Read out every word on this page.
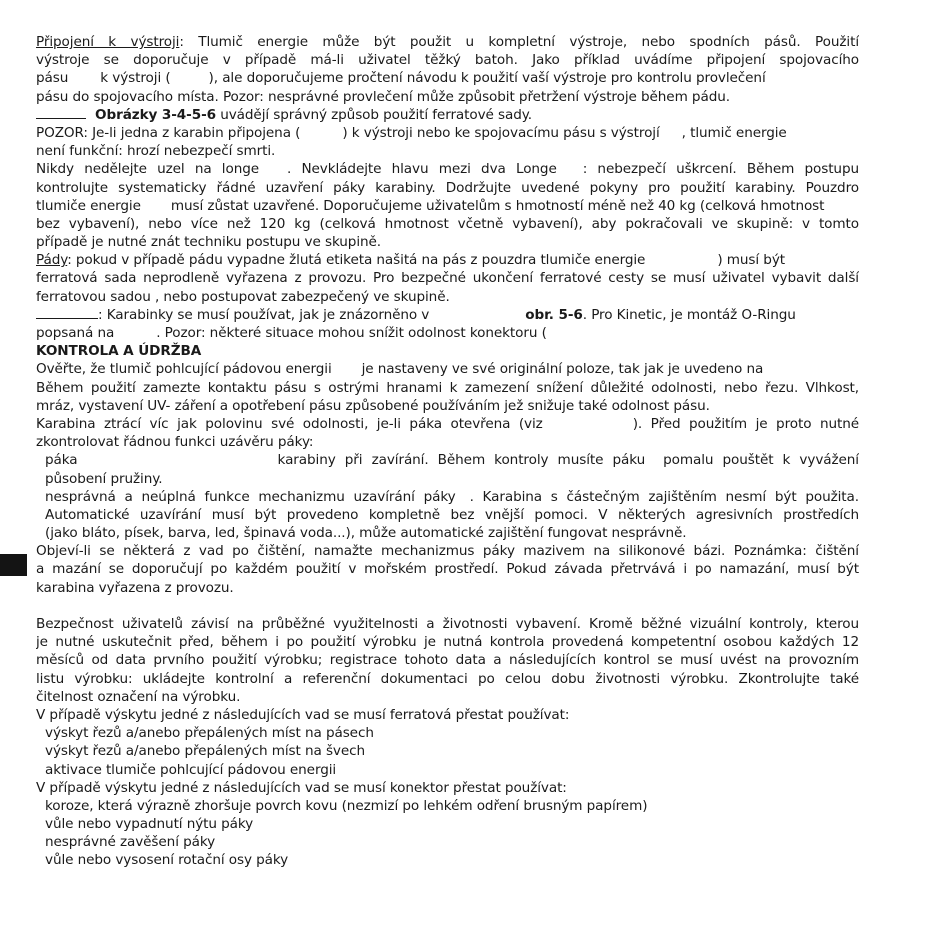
Připojení k výstroji: Tlumič energie může být použit u kompletní výstroje, nebo spodních pásů. Použití
výstroje se doporučuje v případě má-li uživatel těžký batoh. Jako příklad uvádíme připojení spojovacího
pásu k výstroji (	), ale doporučujeme pročtení návodu k použití vaší výstroje pro kontrolu provlečení
pásu do spojovacího místa. Pozor: nesprávné provlečení může způsobit přetržení výstroje během pádu.
Obrázky 3-4-5-6 uvádějí správný způsob použití ferratové sady.
POZOR: Je-li jedna z karabin připojena (	) k výstroji nebo ke spojovacímu pásu s výstrojí , tlumič energie
není funkční: hrozí nebezpečí smrti.
Nikdy nedělejte uzel na longe . Nevkládejte hlavu mezi dva Longe : nebezpečí uškrcení. Během postupu
kontrolujte systematicky řádné uzavření páky karabiny. Dodržujte uvedené pokyny pro použití karabiny. Pouzdro
tlumiče energie musí zůstat uzavřené. Doporučujeme uživatelům s hmotností méně než 40 kg (celková hmotnost
bez vybavení), nebo více než 120 kg (celková hmotnost včetně vybavení), aby pokračovali ve skupině: v tomto
případě je nutné znát techniku postupu ve skupině.
Pády: pokud v případě pádu vypadne žlutá etiketa našitá na pás z pouzdra tlumiče energie	) musí být
ferratová sada neprodleně vyřazena z provozu. Pro bezpečné ukončení ferratové cesty se musí uživatel vybavit další
ferratovou sadou , nebo postupovat zabezpečený ve skupině.
: Karabinky se musí používat, jak je znázorněno v	obr. 5-6. Pro Kinetic, je montáž O-Ringu
popsaná na	. Pozor: některé situace mohou snížit odolnost konektoru (
KONTROLA A ÚDRŽBA
Ověřte, že tlumič pohlcující pádovou energii je nastaveny ve své originální poloze, tak jak je uvedeno na
Během použití zamezte kontaktu pásu s ostrými hranami k zamezení snížení důležité odolnosti, nebo řezu. Vlhkost,
mráz, vystavení UV- záření a opotřebení pásu způsobené používáním jež snižuje také odolnost pásu.
Karabina ztrácí víc jak polovinu své odolnosti, je-li páka otevřena (viz	). Před použitím je proto nutné
zkontrolovat řádnou funkci uzávěru páky:
páka	karabiny při zavírání. Během kontroly musíte páku pomalu pouštět k vyvážení
působení pružiny.
nesprávná a neúplná funkce mechanizmu uzavírání páky . Karabina s částečným zajištěním nesmí být použita.
Automatické uzavírání musí být provedeno kompletně bez vnější pomoci. V některých agresivních prostředích
(jako bláto, písek, barva, led, špinavá voda...), může automatické zajištění fungovat nesprávně.
Objeví-li se některá z vad po čištění, namažte mechanizmus páky mazivem na silikonové bázi. Poznámka: čištění
a mazání se doporučují po každém použití v mořském prostředí. Pokud závada přetrvává i po namazání, musí být
karabina vyřazena z provozu.
Bezpečnost uživatelů závisí na průběžné využitelnosti a životnosti vybavení. Kromě běžné vizuální kontroly, kterou
je nutné uskutečnit před, během i po použití výrobku je nutná kontrola provedená kompetentní osobou každých 12
měsíců od data prvního použití výrobku; registrace tohoto data a následujících kontrol se musí uvést na provozním
listu výrobku: ukládejte kontrolní a referenční dokumentaci po celou dobu životnosti výrobku. Zkontrolujte také
čitelnost označení na výrobku.
V případě výskytu jedné z následujících vad se musí ferratová přestat používat:
výskyt řezů a/anebo přepálených míst na pásech
výskyt řezů a/anebo přepálených míst na švech
aktivace tlumiče pohlcující pádovou energii
V případě výskytu jedné z následujících vad se musí konektor přestat používat:
koroze, která výrazně zhoršuje povrch kovu (nezmizí po lehkém odření brusným papírem)
vůle nebo vypadnutí nýtu páky
nesprávné zavěšení páky
vůle nebo vysosení rotační osy páky
